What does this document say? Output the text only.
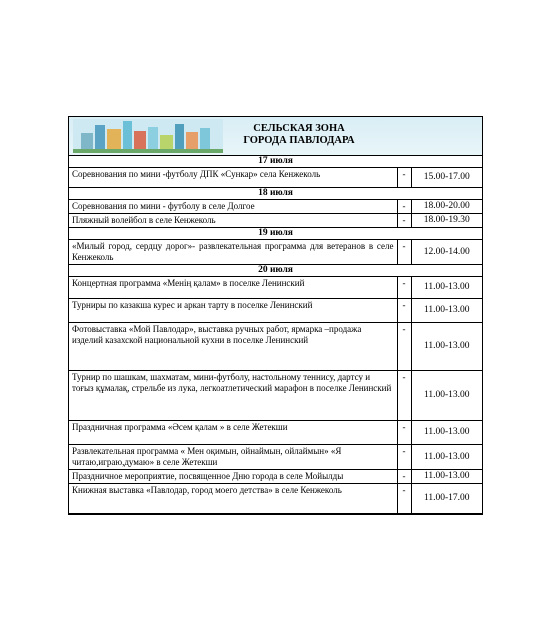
СЕЛЬСКАЯ ЗОНА
ГОРОДА ПАВЛОДАРА
17 июля		
Соревнования по мини -футболу ДПК «Сункар» села Кенжеколь	-	15.00-17.00
18 июля		
Соревнования по мини - футболу в селе Долгое	-	18.00-20.00
Пляжный волейбол в селе Кенжеколь	-	18.00-19.30
19 июля		
«Милый город, сердцу дорог»- развлекательная программа для ветеранов в селе Кенжеколь	-	12.00-14.00
20 июля		
Концертная программа «Менің қалам» в поселке Ленинский	-	11.00-13.00
Турниры по казакша курес и аркан тарту в поселке Ленинский	-	11.00-13.00
Фотовыставка «Мой Павлодар», выставка ручных работ, ярмарка –продажа изделий казахской национальной кухни в поселке Ленинский	-	11.00-13.00
Турнир по шашкам, шахматам, мини-футболу, настольному теннису, дартсу и тоғыз құмалақ, стрельбе из лука, легкоатлетический марафон в поселке Ленинский	-	11.00-13.00
Праздничная программа «Әсем қалам » в селе Жетекши	-	11.00-13.00
Развлекательная программа « Мен оқимын, ойнаймын, ойлаймын» «Я читаю,играю,думаю» в селе Жетекши	-	11.00-13.00
Праздничное мероприятие, посвященное Дню города в селе Мойылды	-	11.00-13.00
Книжная выставка «Павлодар, город моего детства» в селе Кенжеколь	-	11.00-17.00
